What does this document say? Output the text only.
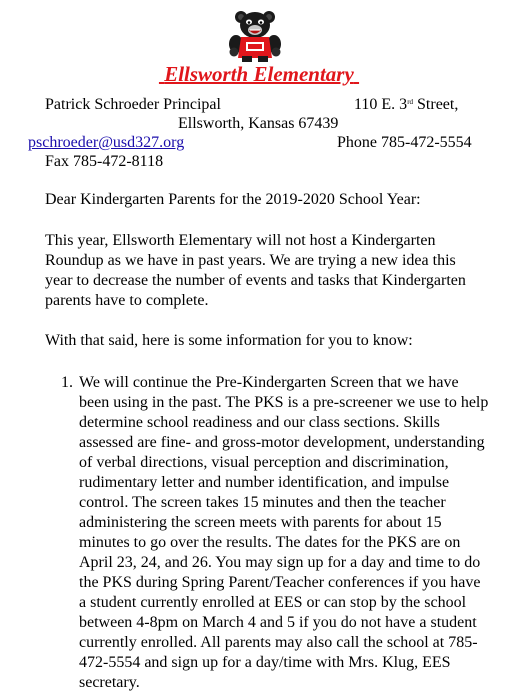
Ellsworth Elementary
Patrick Schroeder Principal	110 E. 3rd Street,
Ellsworth, Kansas 67439
pschroeder@usd327.org	Phone 785-472-5554
Fax 785-472-8118
Dear Kindergarten Parents for the 2019-2020 School Year:

This year, Ellsworth Elementary will not host a Kindergarten Roundup as we have in past years. We are trying a new idea this year to decrease the number of events and tasks that Kindergarten parents have to complete.

With that said, here is some information for you to know:

1. We will continue the Pre-Kindergarten Screen that we have been using in the past. The PKS is a pre-screener we use to help determine school readiness and our class sections. Skills assessed are fine- and gross-motor development, understanding of verbal directions, visual perception and discrimination, rudimentary letter and number identification, and impulse control. The screen takes 15 minutes and then the teacher administering the screen meets with parents for about 15 minutes to go over the results. The dates for the PKS are on April 23, 24, and 26. You may sign up for a day and time to do the PKS during Spring Parent/Teacher conferences if you have a student currently enrolled at EES or can stop by the school between 4-8pm on March 4 and 5 if you do not have a student currently enrolled. All parents may also call the school at 785-472-5554 and sign up for a day/time with Mrs. Klug, EES secretary.
